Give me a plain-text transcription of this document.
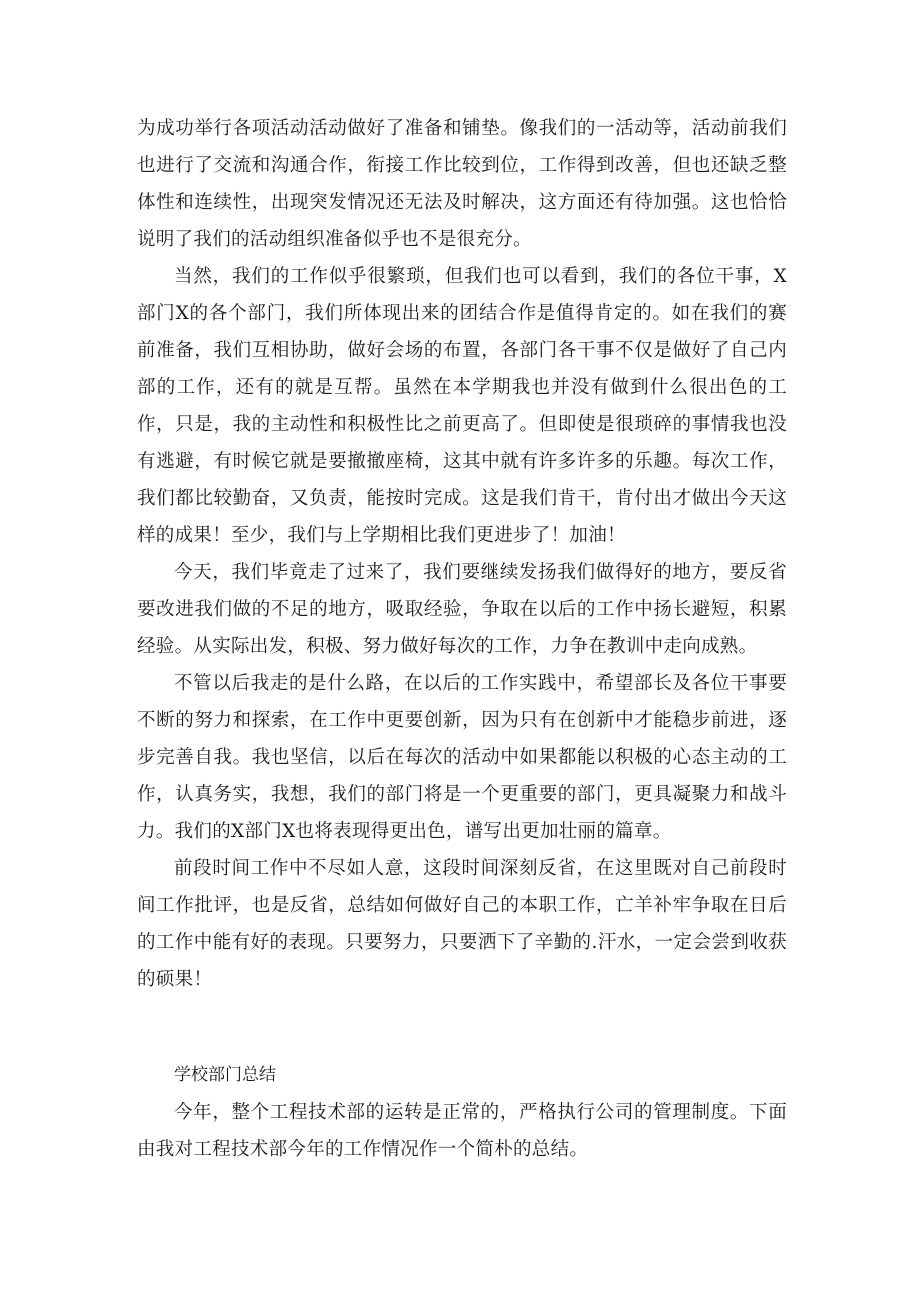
为成功举行各项活动活动做好了准备和铺垫。像我们的一活动等，活动前我们也进行了交流和沟通合作，衔接工作比较到位，工作得到改善，但也还缺乏整体性和连续性，出现突发情况还无法及时解决，这方面还有待加强。这也恰恰说明了我们的活动组织准备似乎也不是很充分。

当然，我们的工作似乎很繁琐，但我们也可以看到，我们的各位干事，X部门X的各个部门，我们所体现出来的团结合作是值得肯定的。如在我们的赛前准备，我们互相协助，做好会场的布置，各部门各干事不仅是做好了自己内部的工作，还有的就是互帮。虽然在本学期我也并没有做到什么很出色的工作，只是，我的主动性和积极性比之前更高了。但即使是很琐碎的事情我也没有逃避，有时候它就是要撤撤座椅，这其中就有许多许多的乐趣。每次工作，我们都比较勤奋，又负责，能按时完成。这是我们肯干，肯付出才做出今天这样的成果！至少，我们与上学期相比我们更进步了！加油！

今天，我们毕竟走了过来了，我们要继续发扬我们做得好的地方，要反省要改进我们做的不足的地方，吸取经验，争取在以后的工作中扬长避短，积累经验。从实际出发，积极、努力做好每次的工作，力争在教训中走向成熟。

不管以后我走的是什么路，在以后的工作实践中，希望部长及各位干事要不断的努力和探索，在工作中更要创新，因为只有在创新中才能稳步前进，逐步完善自我。我也坚信，以后在每次的活动中如果都能以积极的心态主动的工作，认真务实，我想，我们的部门将是一个更重要的部门，更具凝聚力和战斗力。我们的X部门X也将表现得更出色，谱写出更加壮丽的篇章。

前段时间工作中不尽如人意，这段时间深刻反省，在这里既对自己前段时间工作批评，也是反省，总结如何做好自己的本职工作，亡羊补牢争取在日后的工作中能有好的表现。只要努力，只要洒下了辛勤的.汗水，一定会尝到收获的硕果！

学校部门总结

今年，整个工程技术部的运转是正常的，严格执行公司的管理制度。下面由我对工程技术部今年的工作情况作一个简朴的总结。
